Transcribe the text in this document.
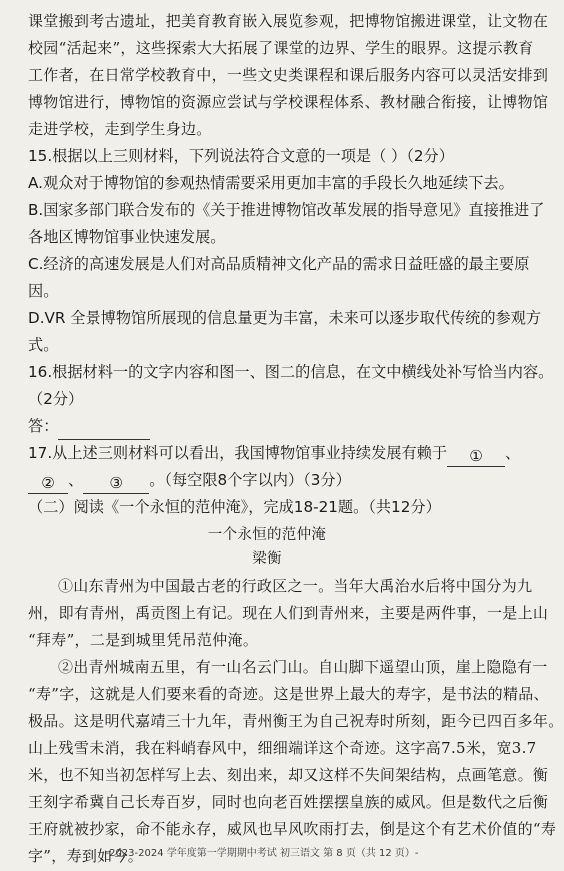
课堂搬到考古遗址，把美育教育嵌入展览参观，把博物馆搬进课堂，让文物在

校园“活起来”，这些探索大大拓展了课堂的边界、学生的眼界。这提示教育

工作者，在日常学校教育中，一些文史类课程和课后服务内容可以灵活安排到

博物馆进行，博物馆的资源应尝试与学校课程体系、教材融合衔接，让博物馆

走进学校，走到学生身边。

15.根据以上三则材料，下列说法符合文意的一项是（ ）（2分）

A.观众对于博物馆的参观热情需要采用更加丰富的手段长久地延续下去。

B.国家多部门联合发布的《关于推进博物馆改革发展的指导意见》直接推进了

各地区博物馆事业快速发展。

C.经济的高速发展是人们对高品质精神文化产品的需求日益旺盛的最主要原

因。

D.VR 全景博物馆所展现的信息量更为丰富，未来可以逐步取代传统的参观方

式。

16.根据材料一的文字内容和图一、图二的信息，在文中横线处补写恰当内容。

（2分）

答：

17.从上述三则材料可以看出，我国博物馆事业持续发展有赖于 ① 、

② 、 ③ 。（每空限8个字以内）（3分）

（二）阅读《一个永恒的范仲淹》，完成18-21题。（共12分）

一个永恒的范仲淹

梁衡

①山东青州为中国最古老的行政区之一。当年大禹治水后将中国分为九

州，即有青州，禹贡图上有记。现在人们到青州来，主要是两件事，一是上山

“拜寿”，二是到城里凭吊范仲淹。

②出青州城南五里，有一山名云门山。自山脚下遥望山顶，崖上隐隐有一

“寿”字，这就是人们要来看的奇迹。这是世界上最大的寿字，是书法的精品、

极品。这是明代嘉靖三十九年，青州衡王为自己祝寿时所刻，距今已四百多年。

山上残雪未消，我在料峭春风中，细细端详这个奇迹。这字高7.5米，宽3.7

米，也不知当初怎样写上去、刻出来，却又这样不失间架结构，点画笔意。衡

王刻字希冀自己长寿百岁，同时也向老百姓摆摆皇族的威风。但是数代之后衡

王府就被抄家，命不能永存，威风也早风吹雨打去，倒是这个有艺术价值的“寿

字”，寿到如今。

-2023-2024 学年度第一学期期中考试 初三语文 第 8 页（共 12 页）-
